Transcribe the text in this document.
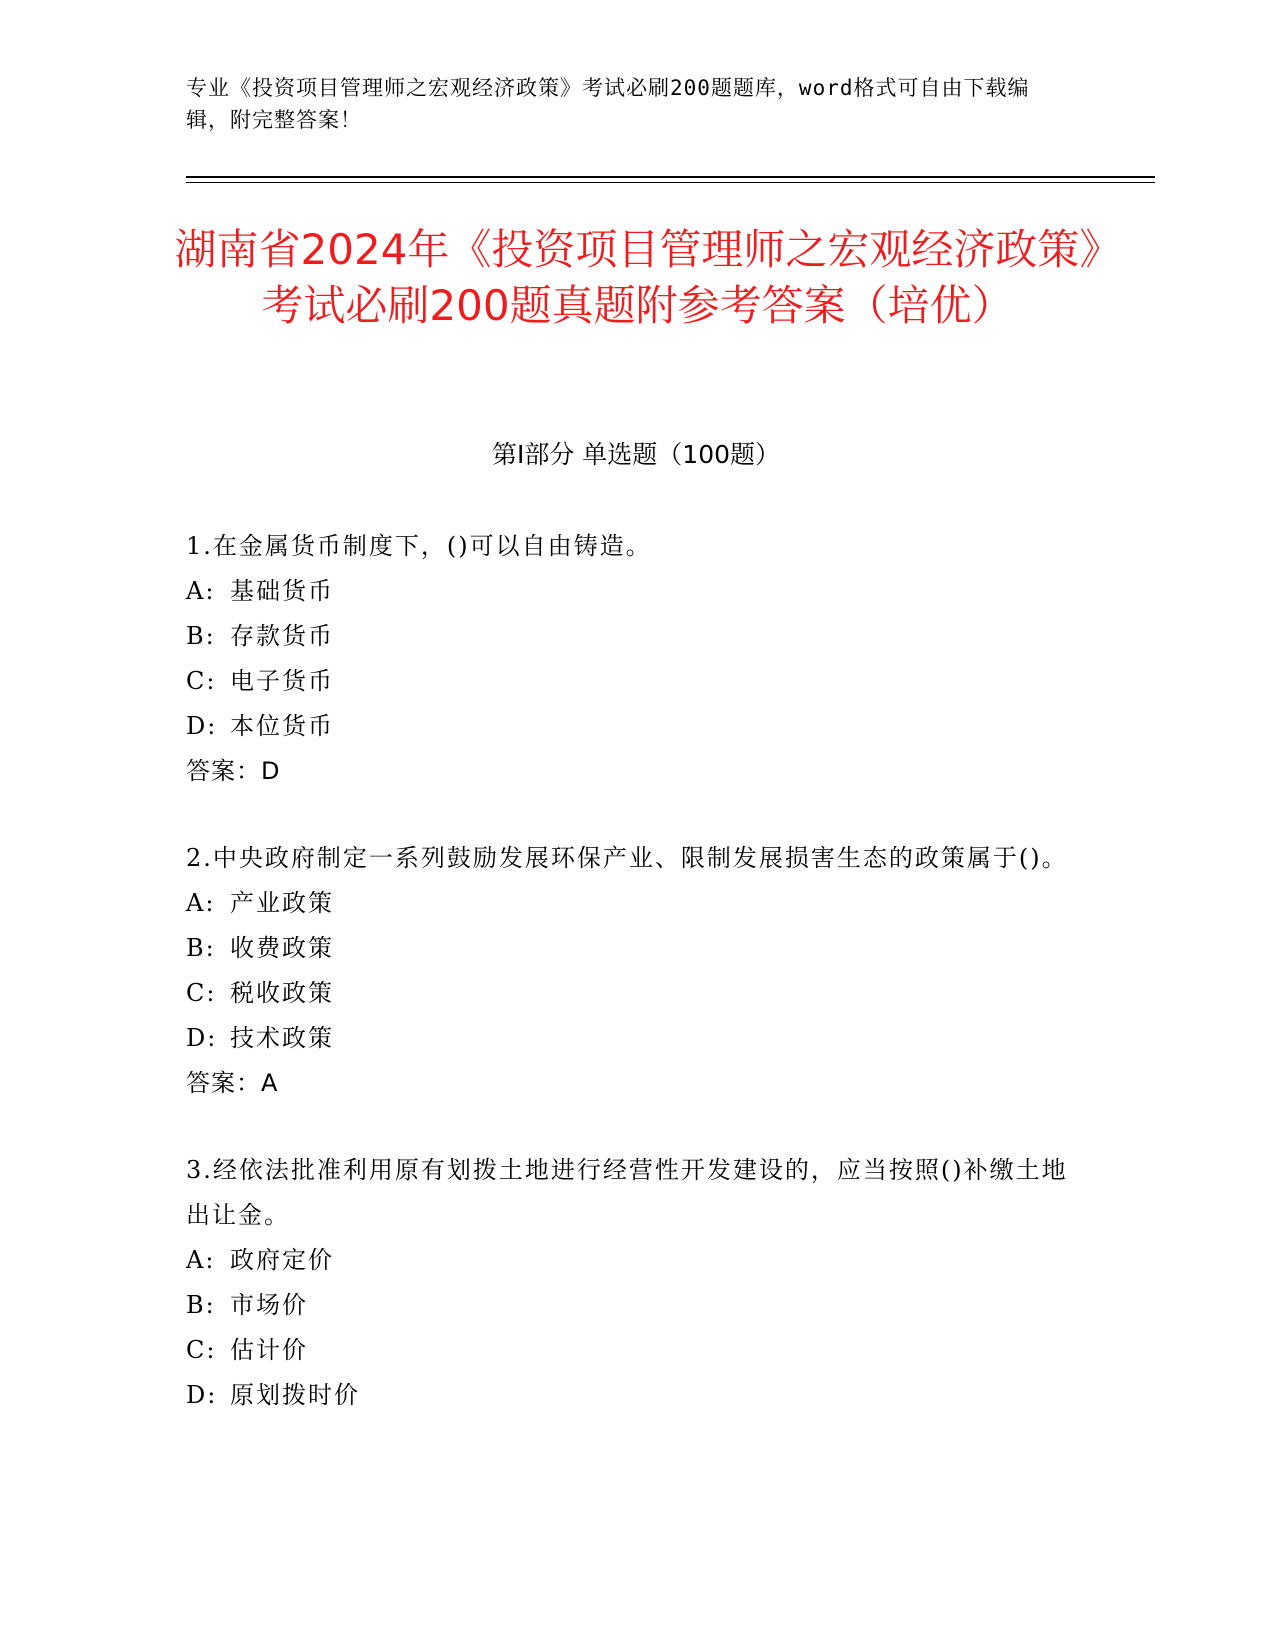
专业《投资项目管理师之宏观经济政策》考试必刷200题题库，word格式可自由下载编辑，附完整答案！
湖南省2024年《投资项目管理师之宏观经济政策》考试必刷200题真题附参考答案（培优）
第I部分 单选题（100题）
1.在金属货币制度下，()可以自由铸造。
A: 基础货币
B: 存款货币
C: 电子货币
D: 本位货币
答案：D
2.中央政府制定一系列鼓励发展环保产业、限制发展损害生态的政策属于()。
A: 产业政策
B: 收费政策
C: 税收政策
D: 技术政策
答案：A
3.经依法批准利用原有划拨土地进行经营性开发建设的，应当按照()补缴土地出让金。
A: 政府定价
B: 市场价
C: 估计价
D: 原划拨时价
